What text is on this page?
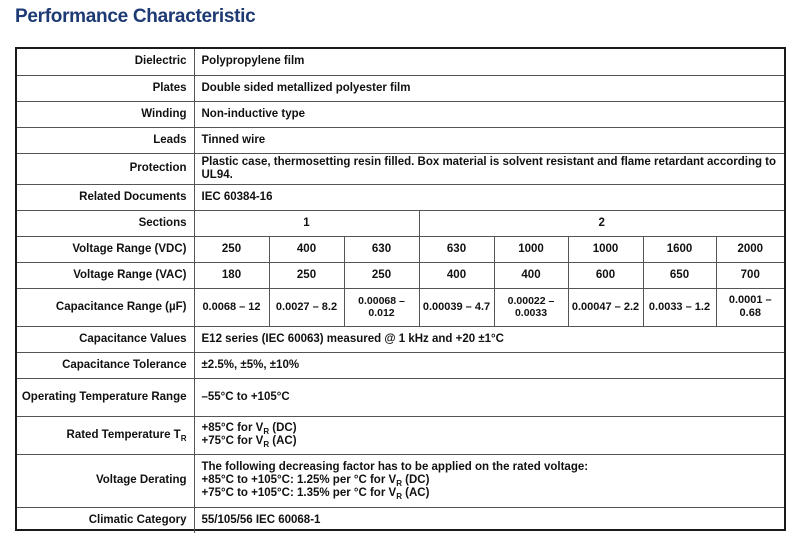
Performance Characteristic
Dielectric	Polypropylene film							
Plates	Double sided metallized polyester film							
Winding	Non-inductive type							
Leads	Tinned wire							
Protection	Plastic case, thermosetting resin filled. Box material is solvent resistant and flame retardant according to UL94.							
Related Documents	IEC 60384-16							
Sections	1			2				
Voltage Range (VDC)	250	400	630	630	1000	1000	1600	2000
Voltage Range (VAC)	180	250	250	400	400	600	650	700
Capacitance Range (µF)	0.0068 – 12	0.0027 – 8.2	0.00068 – 0.012	0.00039 – 4.7	0.00022 – 0.0033	0.00047 – 2.2	0.0033 – 1.2	0.0001 – 0.68
Capacitance Values	E12 series (IEC 60063) measured @ 1 kHz and +20 ±1°C							
Capacitance Tolerance	±2.5%, ±5%, ±10%							
Operating Temperature Range	–55°C to +105°C							
Rated Temperature $T_R$	+85°C for $V_R$ (DC)
+75°C for $V_R$ (AC)							

Voltage Derating	The following decreasing factor has to be applied on the rated voltage:
+85°C to +105°C: 1.25% per °C for $V_R$ (DC)
+75°C to +105°C: 1.35% per °C for $V_R$ (AC)							

Climatic Category	55/105/56 IEC 60068-1							
